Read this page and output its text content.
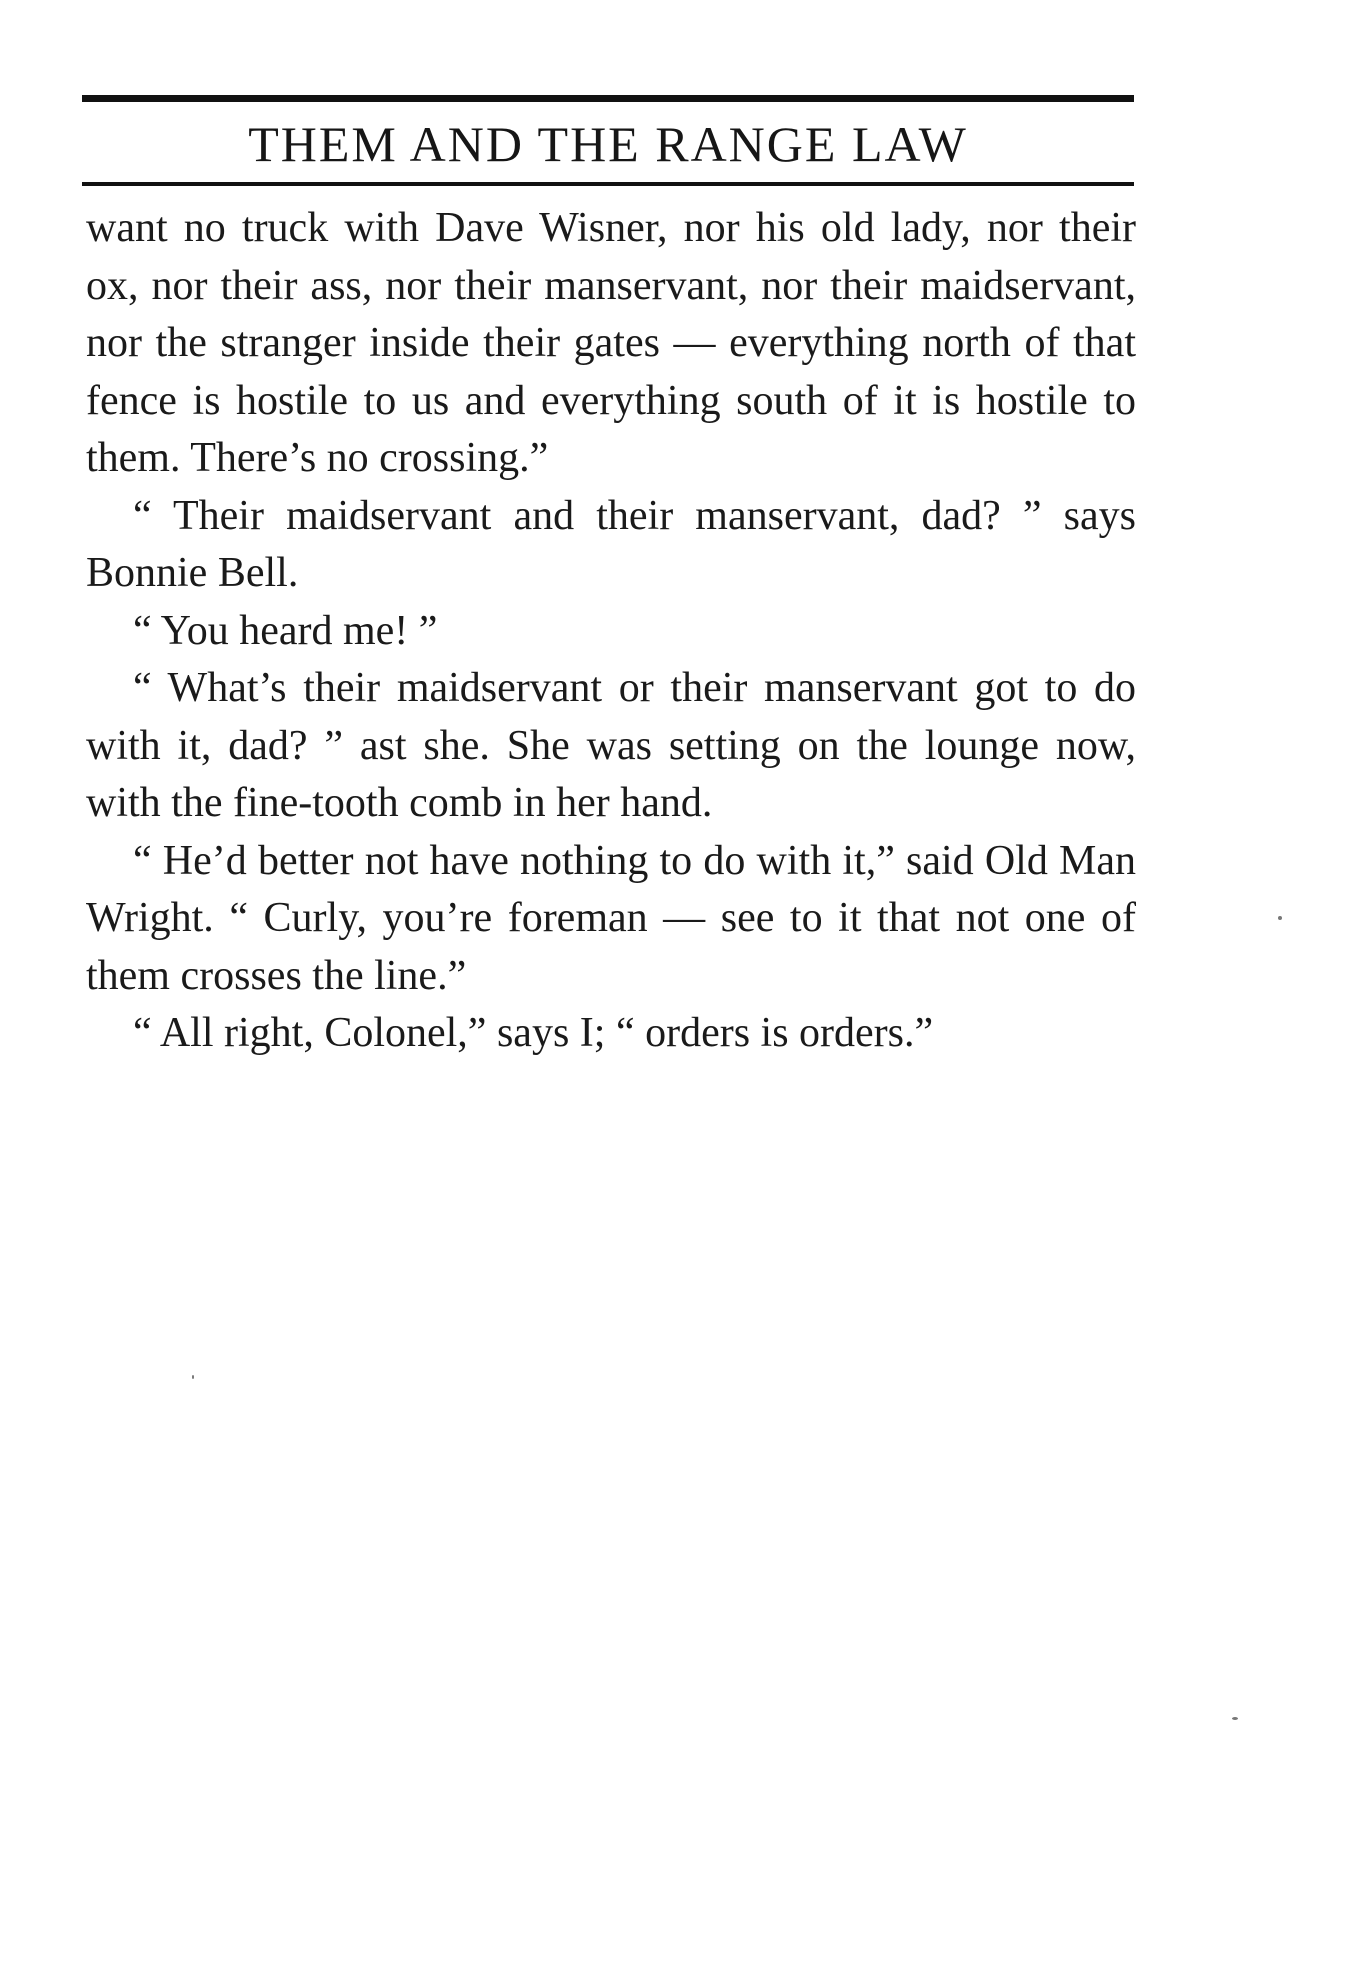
THEM AND THE RANGE LAW

want no truck with Dave Wisner, nor his old lady, nor their ox, nor their ass, nor their manservant, nor their maidservant, nor the stranger inside their gates — everything north of that fence is hostile to us and everything south of it is hostile to them. There’s no crossing.”

“ Their maidservant and their manservant, dad? ” says Bonnie Bell.

“ You heard me! ”

“ What’s their maidservant or their manservant got to do with it, dad? ” ast she. She was setting on the lounge now, with the fine-tooth comb in her hand.

“ He’d better not have nothing to do with it,” said Old Man Wright. “ Curly, you’re foreman — see to it that not one of them crosses the line.”

“ All right, Colonel,” says I; “ orders is orders.”
